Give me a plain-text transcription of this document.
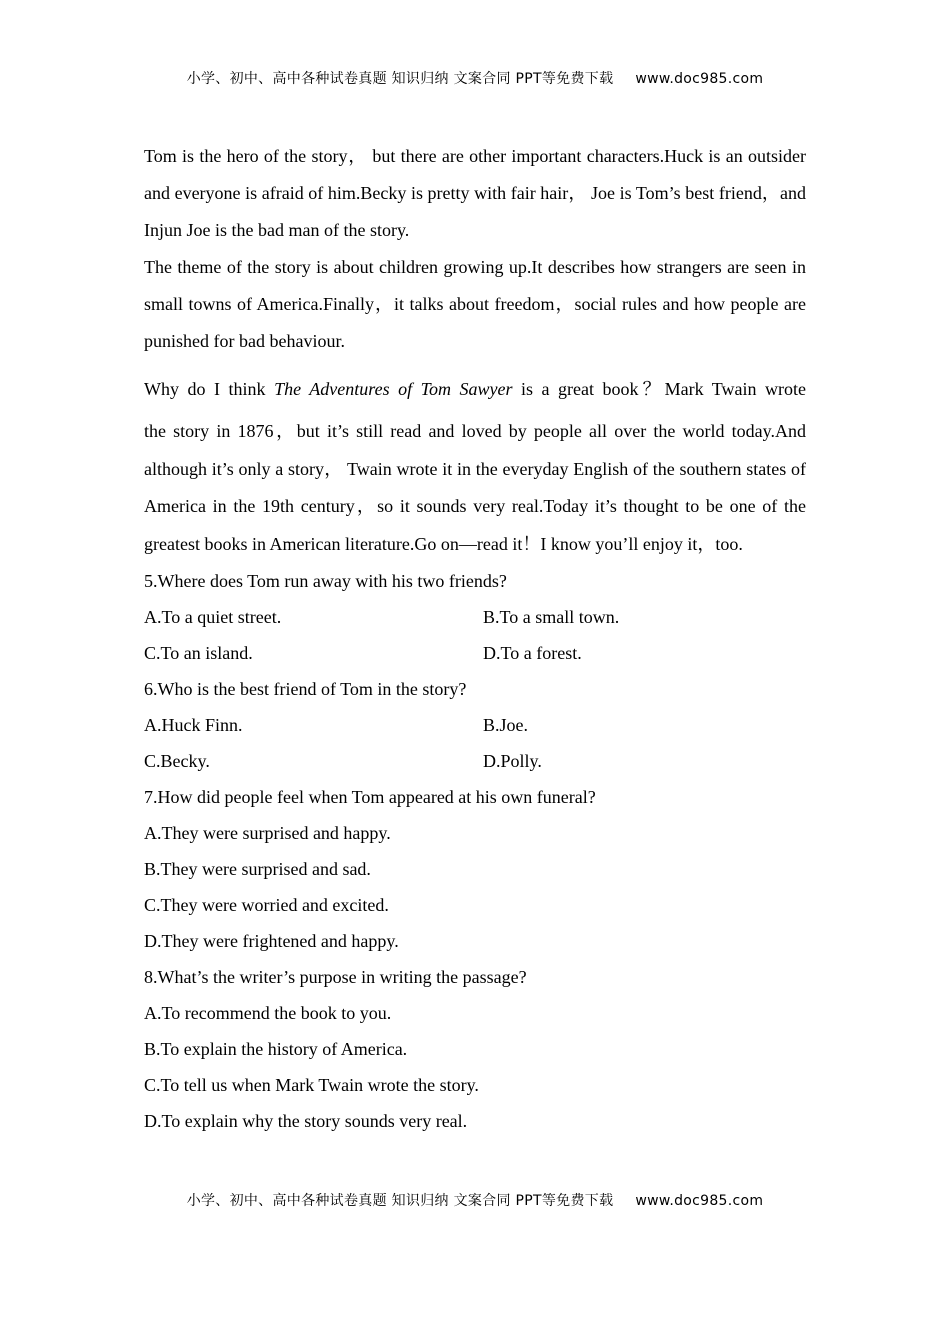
小学、初中、高中各种试卷真题 知识归纳 文案合同 PPT等免费下载 www.doc985.com

Tom is the hero of the story， but there are other important characters.Huck is an outsider and everyone is afraid of him.Becky is pretty with fair hair， Joe is Tom’s best friend，and Injun Joe is the bad man of the story.

The theme of the story is about children growing up.It describes how strangers are seen in small towns of America.Finally，it talks about freedom，social rules and how people are punished for bad behaviour.

Why do I think The Adventures of Tom Sawyer is a great book？Mark Twain wrote
the story in 1876，but it’s still read and loved by people all over the world today.And although it’s only a story， Twain wrote it in the everyday English of the southern states of America in the 19th century，so it sounds very real.Today it’s thought to be one of the greatest books in American literature.Go on—read it！I know you’ll enjoy it，too.

5.Where does Tom run away with his two friends?

A.To a quiet street.	B.To a small town.
C.To an island.	D.To a forest.

6.Who is the best friend of Tom in the story?

A.Huck Finn.	B.Joe.
C.Becky.	D.Polly.

7.How did people feel when Tom appeared at his own funeral?

A.They were surprised and happy.

B.They were surprised and sad.

C.They were worried and excited.

D.They were frightened and happy.

8.What’s the writer’s purpose in writing the passage?

A.To recommend the book to you.

B.To explain the history of America.

C.To tell us when Mark Twain wrote the story.

D.To explain why the story sounds very real.

小学、初中、高中各种试卷真题 知识归纳 文案合同 PPT等免费下载 www.doc985.com
